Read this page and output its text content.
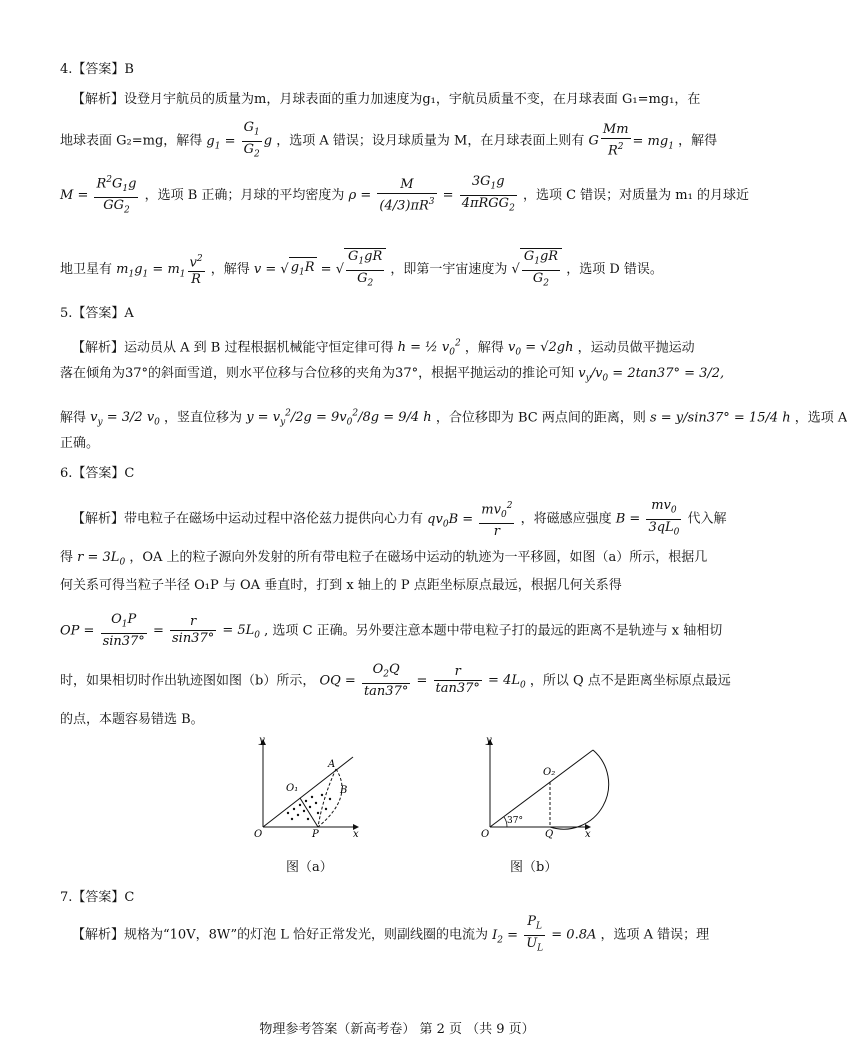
4.【答案】B
【解析】设登月宇航员的质量为m，月球表面的重力加速度为g₁，宇航员质量不变，在月球表面 G₁=mg₁，在
地球表面 G₂=mg，解得 $g_1 = \frac{G_1}{G_2}$ g ，选项 A 错误；设月球质量为 M，在月球表面上则有 G $\frac{Mm}{R^2} = mg_1$ ，解得
$M = \frac{R^2G_1g}{GG_2}$ ，选项 B 正确；月球的平均密度为 $\rho = \frac{M}{(4/3)\pi R^3} = \frac{3G_1g}{4\pi RGG_2}$ ，选项 C 错误；对质量为 m₁ 的月球近
地卫星有 $m_1g_1 = m_1 \frac{v^2}{R}$ ，解得 v = √ $g_1R$ = √ $\frac{G_1gR}{G_2}$ ，即第一宇宙速度为 √ $\frac{G_1gR}{G_2}$ ，选项 D 错误。
5.【答案】A
【解析】运动员从 A 到 B 过程根据机械能守恒定律可得 h = ½ $v_0^2$ ，解得 $v_0 = √2gh$ ，运动员做平抛运动
落在倾角为37°的斜面雪道，则水平位移与合位移的夹角为37°，根据平抛运动的推论可知 $v_y/v_0 = 2\tan 37^\circ = 3/2$,
解得 $v_y = 3/2$ $v_0$ ，竖直位移为 $y = v_y^2/2g = 9v_0^2/8g = 9/4$ h ，合位移即为 BC 两点间的距离，则 s = y/sin37° = 15/4 h ，选项 A
正确。
6.【答案】C
【解析】带电粒子在磁场中运动过程中洛伦兹力提供向心力有 $qv_0B = \frac{mv_0^2}{r}$ ，将磁感应强度 $B = \frac{mv_0}{3qL_0}$ 代入解
得 $r = 3L_0$ ，OA 上的粒子源向外发射的所有带电粒子在磁场中运动的轨迹为一平移圆，如图（a）所示，根据几
何关系可得当粒子半径 O₁P 与 OA 垂直时，打到 x 轴上的 P 点距坐标原点最远，根据几何关系得
OP = $\frac{O_1P}{\sin 37^\circ} = \frac{r}{\sin 37^\circ} = 5L_0$ , 选项 C 正确。另外要注意本题中带电粒子打的最远的距离不是轨迹与 x 轴相切
时，如果相切时作出轨迹图如图（b）所示， OQ = $\frac{O_2Q}{\tan 37^\circ} = \frac{r}{\tan 37^\circ} = 4L_0$ ，所以 Q 点不是距离坐标原点最远
的点，本题容易错选 B。
y
x
O
A
B
O₁
P
图（a）
y
x
O
O₂
Q
37°
图（b）
7.【答案】C
【解析】规格为“10V，8W”的灯泡 L 恰好正常发光，则副线圈的电流为 $I_2 = \frac{P_L}{U_L} = 0.8A$ ，选项 A 错误；理
物理参考答案（新高考卷） 第 2 页 （共 9 页）
